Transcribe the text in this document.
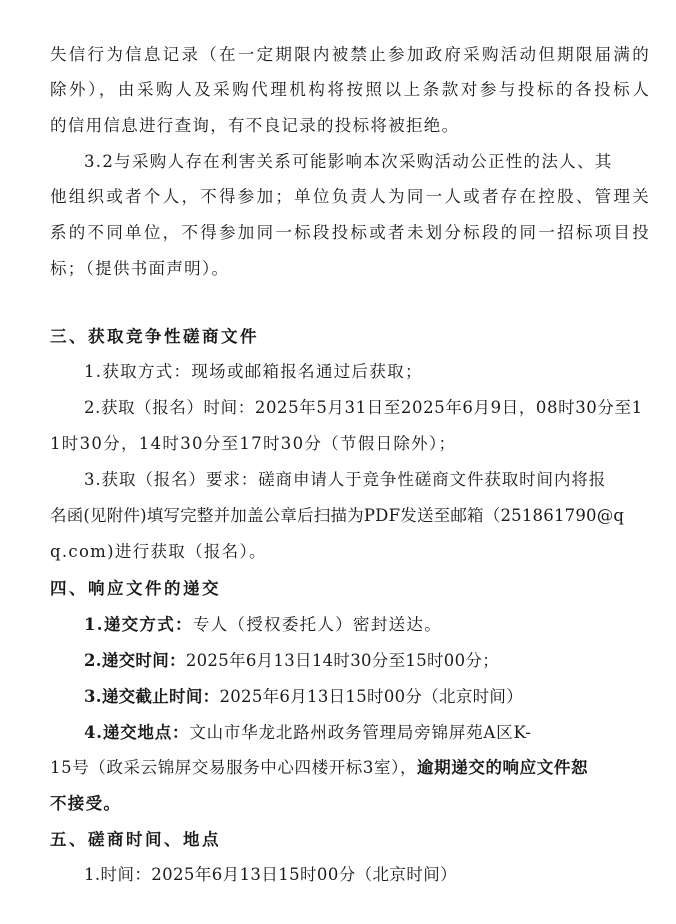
失信行为信息记录（在一定期限内被禁止参加政府采购活动但期限届满的
除外），由采购人及采购代理机构将按照以上条款对参与投标的各投标人
的信用信息进行查询，有不良记录的投标将被拒绝。
3.2与采购人存在利害关系可能影响本次采购活动公正性的法人、其
他组织或者个人，不得参加；单位负责人为同一人或者存在控股、管理关
系的不同单位，不得参加同一标段投标或者未划分标段的同一招标项目投
标；（提供书面声明）。
三、获取竞争性磋商文件
1.获取方式：现场或邮箱报名通过后获取；
2.获取（报名）时间：2025年5月31日至2025年6月9日，08时30分至1
1时30分，14时30分至17时30分（节假日除外）；
3.获取（报名）要求：磋商申请人于竞争性磋商文件获取时间内将报
名函(见附件)填写完整并加盖公章后扫描为PDF发送至邮箱（251861790@q
q.com)进行获取（报名）。
四、响应文件的递交
1.递交方式：专人（授权委托人）密封送达。
2.递交时间：2025年6月13日14时30分至15时00分；
3.递交截止时间：2025年6月13日15时00分（北京时间）
4.递交地点：文山市华龙北路州政务管理局旁锦屏苑A区K-
15号（政采云锦屏交易服务中心四楼开标3室），逾期递交的响应文件恕
不接受。
五、磋商时间、地点
1.时间：2025年6月13日15时00分（北京时间）
